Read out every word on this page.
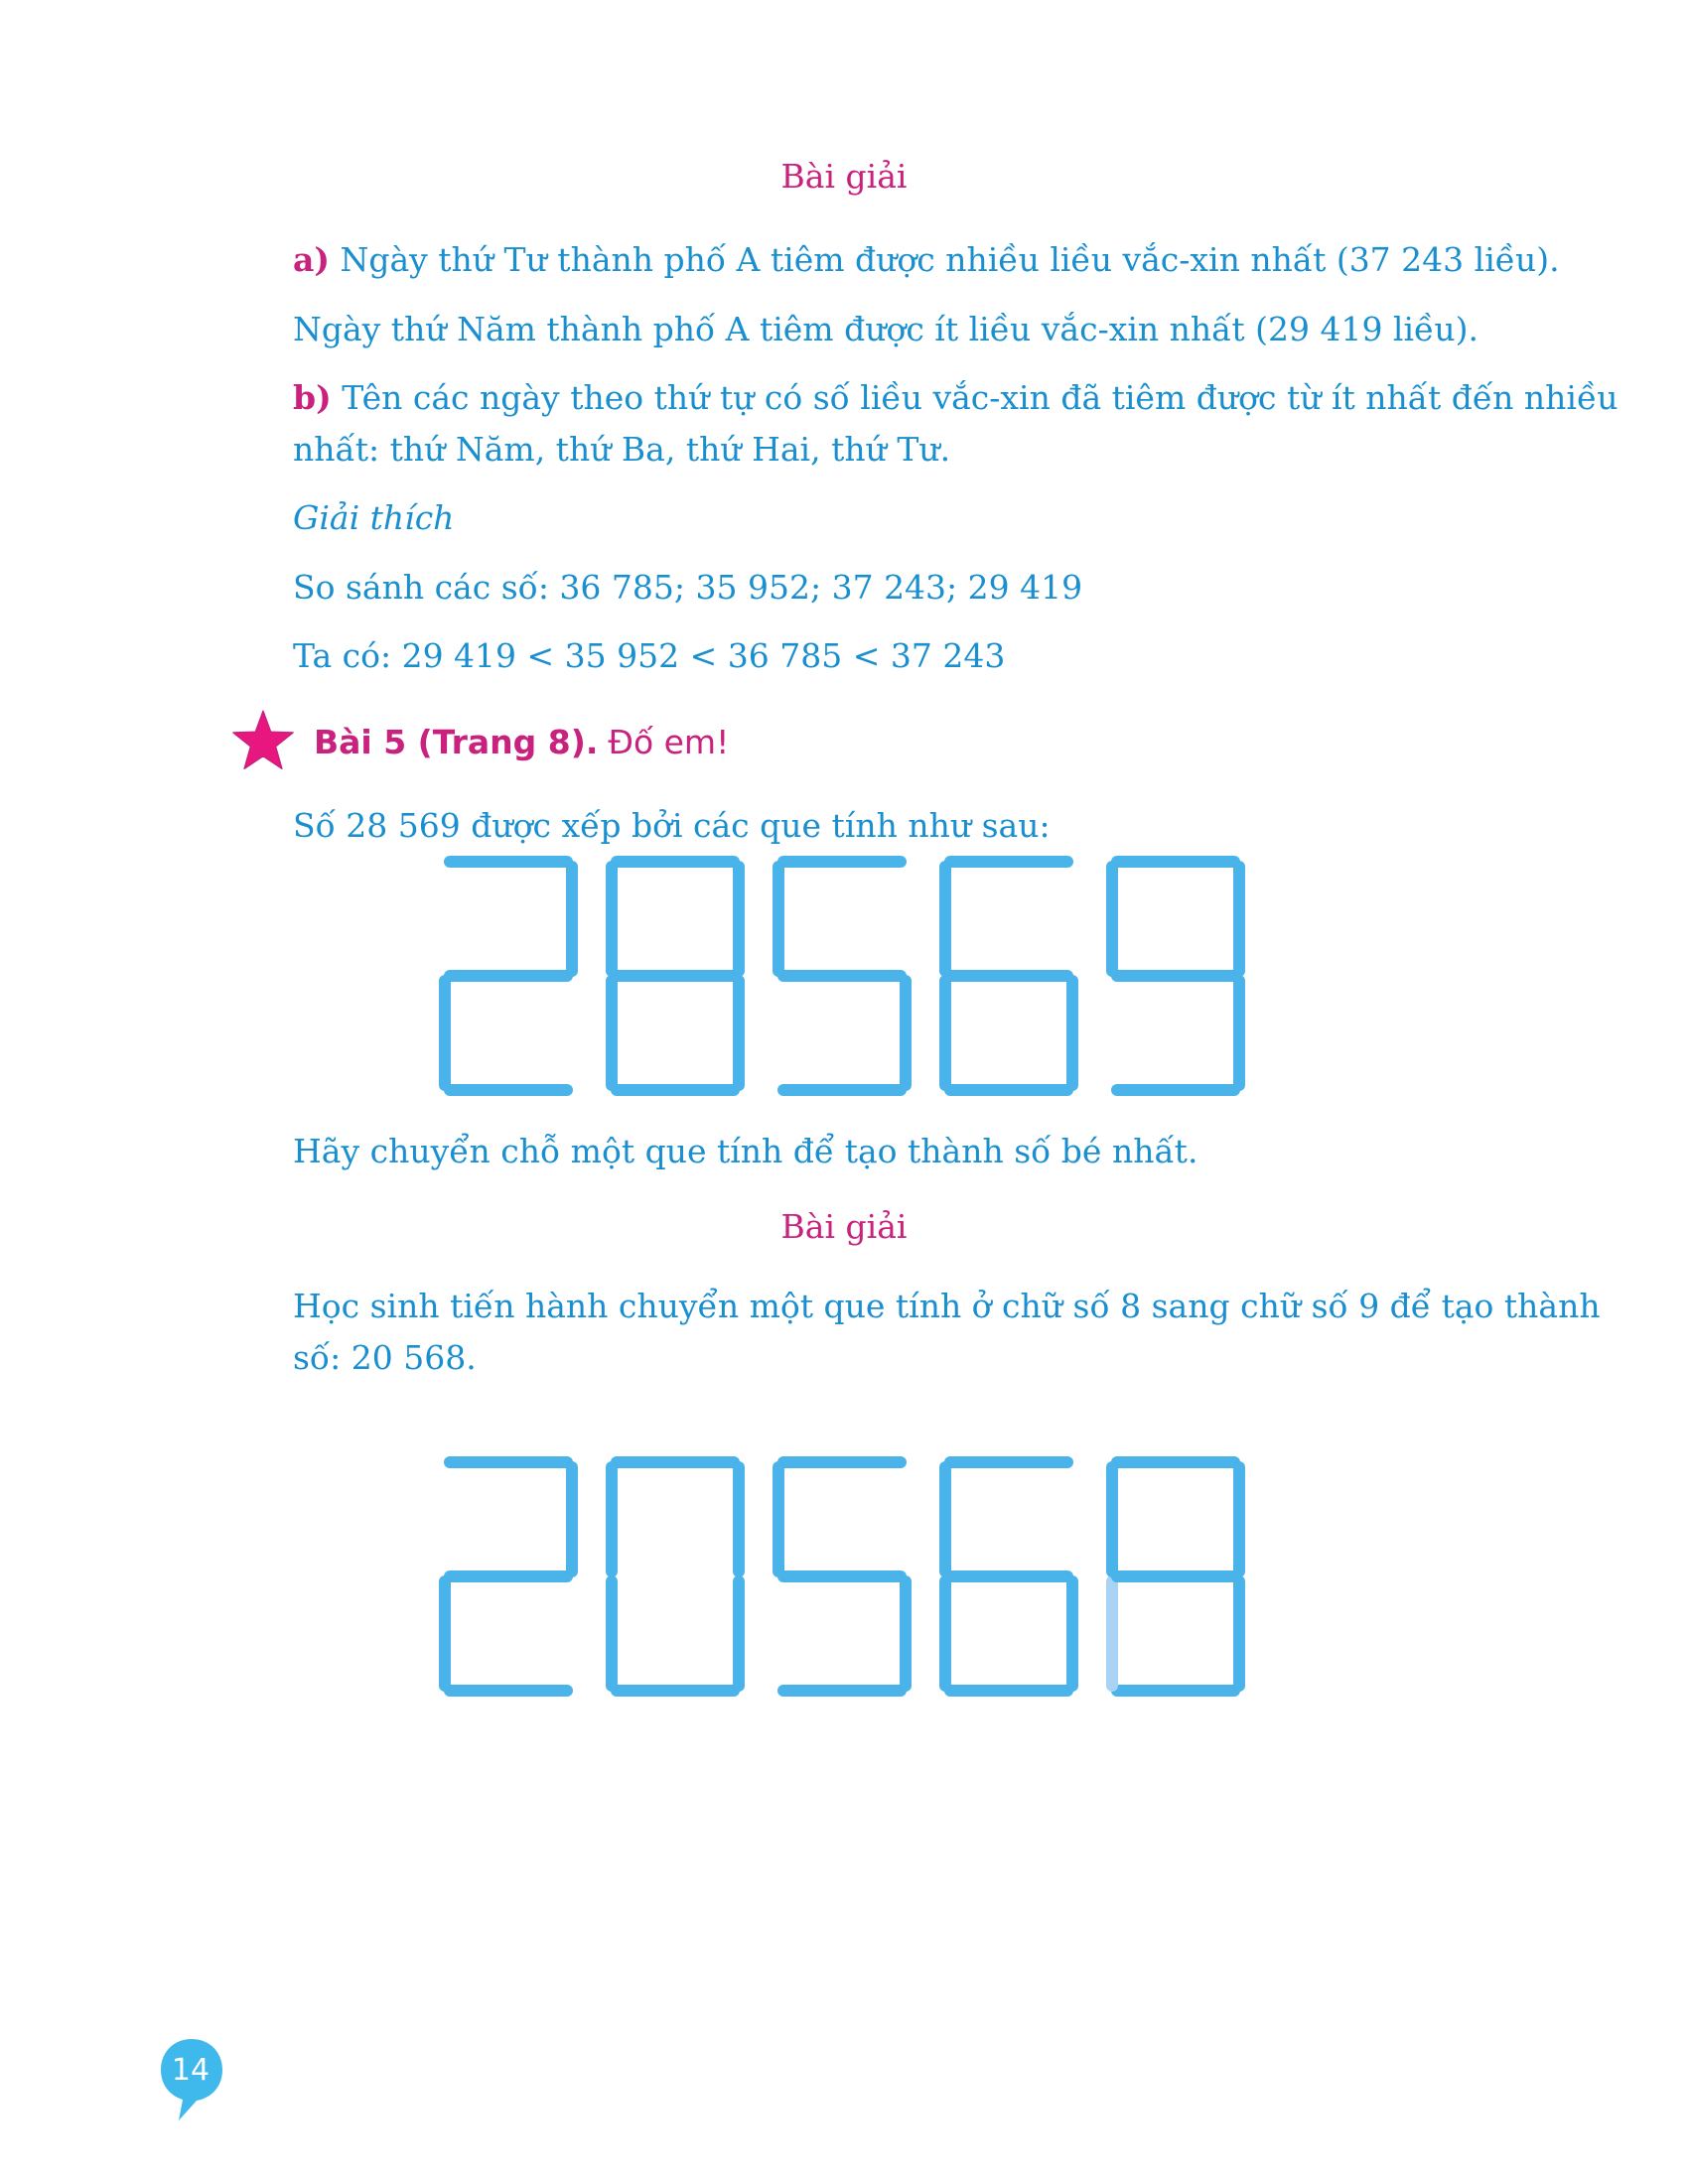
Bài giải
a) Ngày thứ Tư thành phố A tiêm được nhiều liều vắc-xin nhất (37 243 liều).
Ngày thứ Năm thành phố A tiêm được ít liều vắc-xin nhất (29 419 liều).
b) Tên các ngày theo thứ tự có số liều vắc-xin đã tiêm được từ ít nhất đến nhiều
nhất: thứ Năm, thứ Ba, thứ Hai, thứ Tư.
Giải thích
So sánh các số: 36 785; 35 952; 37 243; 29 419
Ta có: 29 419 < 35 952 < 36 785 < 37 243
Bài 5 (Trang 8). Đố em!
Số 28 569 được xếp bởi các que tính như sau:
Hãy chuyển chỗ một que tính để tạo thành số bé nhất.
Bài giải
Học sinh tiến hành chuyển một que tính ở chữ số 8 sang chữ số 9 để tạo thành
số: 20 568.
14
